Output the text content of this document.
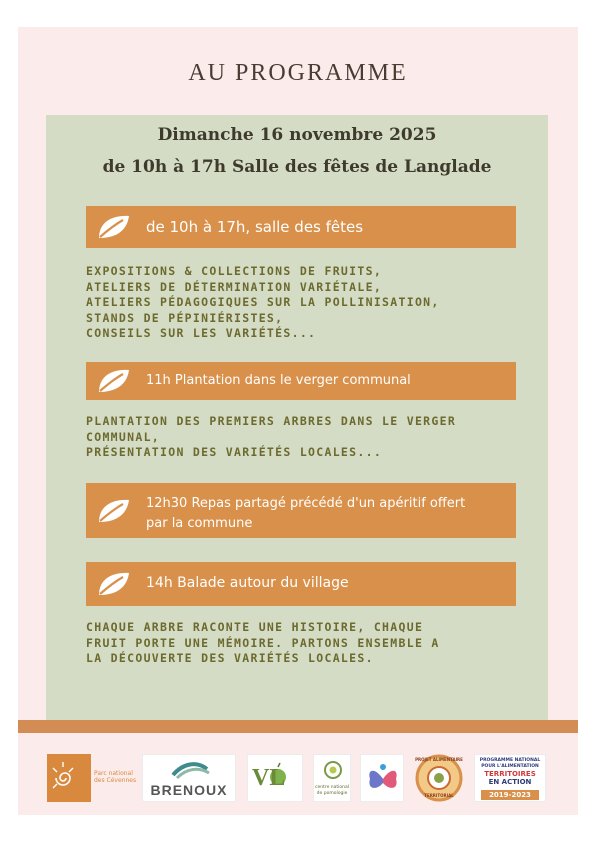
AU PROGRAMME
Dimanche 16 novembre 2025
de 10h à 17h Salle des fêtes de Langlade
de 10h à 17h, salle des fêtes
EXPOSITIONS & COLLECTIONS DE FRUITS,
ATELIERS DE DÉTERMINATION VARIÉTALE,
ATELIERS PÉDAGOGIQUES SUR LA POLLINISATION,
STANDS DE PÉPINIÉRISTES,
CONSEILS SUR LES VARIÉTÉS...
11h Plantation dans le verger communal
PLANTATION DES PREMIERS ARBRES DANS LE VERGER
COMMUNAL,
PRÉSENTATION DES VARIÉTÉS LOCALES...
12h30 Repas partagé précédé d'un apéritif offert
par la commune
14h Balade autour du village
CHAQUE ARBRE RACONTE UNE HISTOIRE, CHAQUE
FRUIT PORTE UNE MÉMOIRE. PARTONS ENSEMBLE A
LA DÉCOUVERTE DES VARIÉTÉS LOCALES.
Parc national
des Cévennes
BRENOUX	VL	centre national
de pomologie
PROJET ALIMENTAIRE
TERRITORIAL
PROGRAMME NATIONAL
POUR L'ALIMENTATION
TERRITOIRES
EN ACTION
2019-2023
